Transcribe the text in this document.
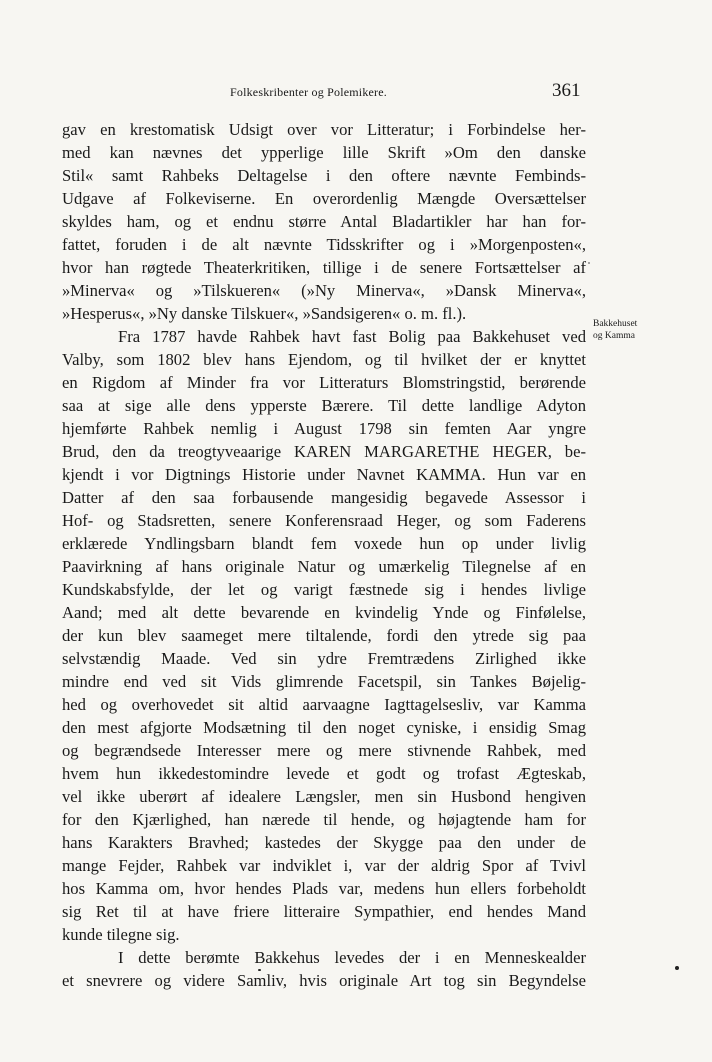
Folkeskribenter og Polemikere.	361
gav en krestomatisk Udsigt over vor Litteratur; i Forbindelse her-
med kan nævnes det ypperlige lille Skrift »Om den danske
Stil« samt Rahbeks Deltagelse i den oftere nævnte Fembinds-
Udgave af Folkeviserne. En overordenlig Mængde Oversættelser
skyldes ham, og et endnu større Antal Bladartikler har han for-
fattet, foruden i de alt nævnte Tidsskrifter og i »Morgenposten«,
hvor han røgtede Theaterkritiken, tillige i de senere Fortsættelser af
»Minerva« og »Tilskueren« (»Ny Minerva«, »Dansk Minerva«,
»Hesperus«, »Ny danske Tilskuer«, »Sandsigeren« o. m. fl.).
Fra 1787 havde Rahbek havt fast Bolig paa Bakkehuset ved
Valby, som 1802 blev hans Ejendom, og til hvilket der er knyttet
en Rigdom af Minder fra vor Litteraturs Blomstringstid, berørende
saa at sige alle dens ypperste Bærere. Til dette landlige Adyton
hjemførte Rahbek nemlig i August 1798 sin femten Aar yngre
Brud, den da treogtyveaarige KAREN MARGARETHE HEGER, be-
kjendt i vor Digtnings Historie under Navnet KAMMA. Hun var en
Datter af den saa forbausende mangesidig begavede Assessor i
Hof- og Stadsretten, senere Konferensraad Heger, og som Faderens
erklærede Yndlingsbarn blandt fem voxede hun op under livlig
Paavirkning af hans originale Natur og umærkelig Tilegnelse af en
Kundskabsfylde, der let og varigt fæstnede sig i hendes livlige
Aand; med alt dette bevarende en kvindelig Ynde og Finfølelse,
der kun blev saameget mere tiltalende, fordi den ytrede sig paa
selvstændig Maade. Ved sin ydre Fremtrædens Zirlighed ikke
mindre end ved sit Vids glimrende Facetspil, sin Tankes Bøjelig-
hed og overhovedet sit altid aarvaagne Iagttagelsesliv, var Kamma
den mest afgjorte Modsætning til den noget cyniske, i ensidig Smag
og begrændsede Interesser mere og mere stivnende Rahbek, med
hvem hun ikkedestomindre levede et godt og trofast Ægteskab,
vel ikke uberørt af idealere Længsler, men sin Husbond hengiven
for den Kjærlighed, han nærede til hende, og højagtende ham for
hans Karakters Bravhed; kastedes der Skygge paa den under de
mange Fejder, Rahbek var indviklet i, var der aldrig Spor af Tvivl
hos Kamma om, hvor hendes Plads var, medens hun ellers forbeholdt
sig Ret til at have friere litteraire Sympathier, end hendes Mand
kunde tilegne sig.
I dette berømte Bakkehus levedes der i en Menneskealder
et snevrere og videre Samliv, hvis originale Art tog sin Begyndelse
Bakkehuset
og Kamma
